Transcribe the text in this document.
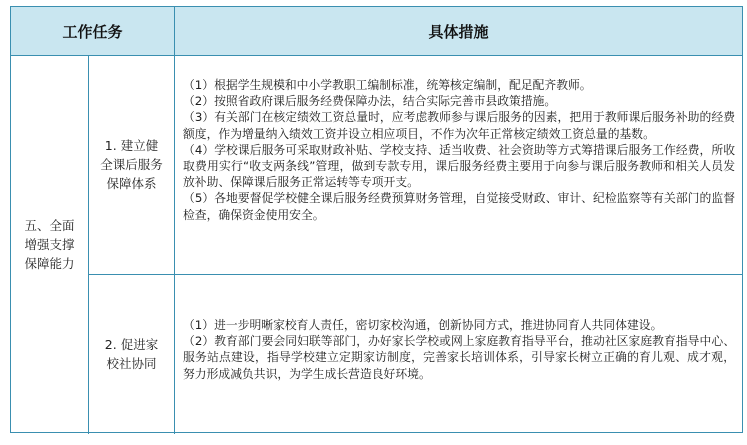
工作任务	具体措施
五、全面
增强支撑
保障能力
1. 建立健
全课后服务
保障体系

（1）根据学生规模和中小学教职工编制标准，统筹核定编制，配足配齐教师。

（2）按照省政府课后服务经费保障办法，结合实际完善市县政策措施。

（3）有关部门在核定绩效工资总量时，应考虑教师参与课后服务的因素，把用于教师课后服务补助的经费额度，作为增量纳入绩效工资并设立相应项目，不作为次年正常核定绩效工资总量的基数。

（4）学校课后服务可采取财政补贴、学校支持、适当收费、社会资助等方式筹措课后服务工作经费，所收取费用实行“收支两条线”管理，做到专款专用，课后服务经费主要用于向参与课后服务教师和相关人员发放补助、保障课后服务正常运转等专项开支。

（5）各地要督促学校健全课后服务经费预算财务管理，自觉接受财政、审计、纪检监察等有关部门的监督检查，确保资金使用安全。

2. 促进家
校社协同

（1）进一步明晰家校育人责任，密切家校沟通，创新协同方式，推进协同育人共同体建设。

（2）教育部门要会同妇联等部门，办好家长学校或网上家庭教育指导平台，推动社区家庭教育指导中心、服务站点建设，指导学校建立定期家访制度，完善家长培训体系，引导家长树立正确的育儿观、成才观，努力形成减负共识，为学生成长营造良好环境。
